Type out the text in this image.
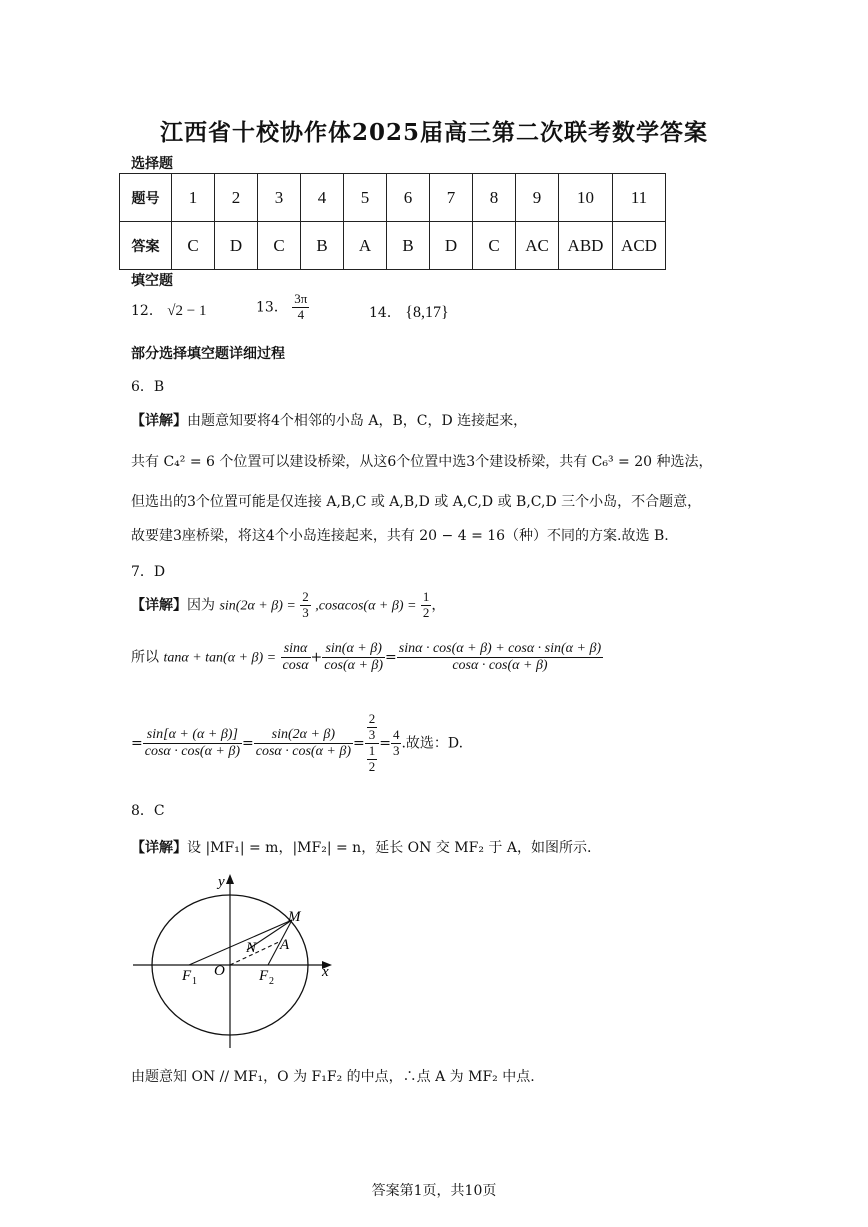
江西省十校协作体2025届高三第二次联考数学答案
选择题
题号	1	2	3	4	5	6	7	8	9	10	11
答案	C	D	C	B	A	B	D	C	AC	ABD	ACD
填空题
12． √2 − 1	13． $\frac{3\pi}{4}$	14． {8,17}
部分选择填空题详细过程
6．B
【详解】由题意知要将4个相邻的小岛 A，B，C，D 连接起来，
共有 C₄² = 6 个位置可以建设桥梁，从这6个位置中选3个建设桥梁，共有 C₆³ = 20 种选法，
但选出的3个位置可能是仅连接 A,B,C 或 A,B,D 或 A,C,D 或 B,C,D 三个小岛，不合题意，
故要建3座桥梁，将这4个小岛连接起来，共有 20 − 4 = 16（种）不同的方案.故选 B.
7．D
【详解】因为 $\sin(2\alpha + \beta) = \frac{2}{3} ,\cos\alpha\cos(\alpha + \beta) = \frac{1}{2}$ ，
所以 $\tan\alpha + \tan(\alpha + \beta) = \frac{\sin\alpha}{\cos\alpha} + \frac{\sin(\alpha + \beta)}{\cos(\alpha + \beta)} = \frac{\sin\alpha \cdot \cos(\alpha + \beta) + \cos\alpha \cdot \sin(\alpha + \beta)}{\cos\alpha \cdot \cos(\alpha + \beta)}$
= $\frac{\sin[\alpha + (\alpha + \beta)]}{\cos\alpha \cdot \cos(\alpha + \beta)} = \frac{\sin(2\alpha + \beta)}{\cos\alpha \cdot \cos(\alpha + \beta)} = \frac{\frac{2}{3}}{\frac{1}{2}} = \frac{4}{3}$ .故选：D.
8．C
【详解】设 |MF₁| = m，|MF₂| = n，延长 ON 交 MF₂ 于 A，如图所示.
y
x
M
N A
O
F 1	F 2
由题意知 ON // MF₁，O 为 F₁F₂ 的中点，∴点 A 为 MF₂ 中点.
答案第1页，共10页
